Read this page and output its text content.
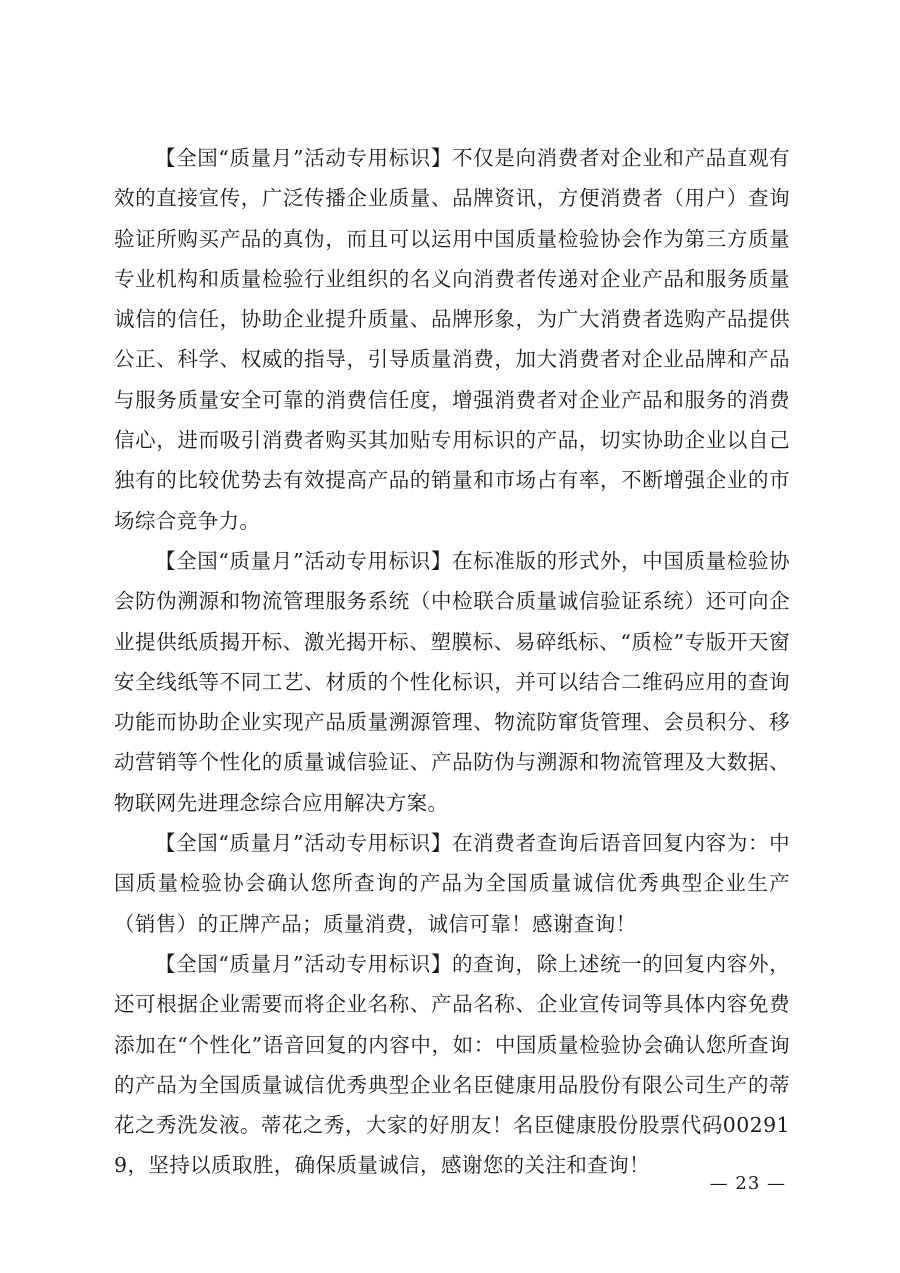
【全国“质量月”活动专用标识】不仅是向消费者对企业和产品直观有效的直接宣传，广泛传播企业质量、品牌资讯，方便消费者（用户）查询验证所购买产品的真伪，而且可以运用中国质量检验协会作为第三方质量专业机构和质量检验行业组织的名义向消费者传递对企业产品和服务质量诚信的信任，协助企业提升质量、品牌形象，为广大消费者选购产品提供公正、科学、权威的指导，引导质量消费，加大消费者对企业品牌和产品与服务质量安全可靠的消费信任度，增强消费者对企业产品和服务的消费信心，进而吸引消费者购买其加贴专用标识的产品，切实协助企业以自己独有的比较优势去有效提高产品的销量和市场占有率，不断增强企业的市场综合竞争力。

【全国“质量月”活动专用标识】在标准版的形式外，中国质量检验协会防伪溯源和物流管理服务系统（中检联合质量诚信验证系统）还可向企业提供纸质揭开标、激光揭开标、塑膜标、易碎纸标、“质检”专版开天窗安全线纸等不同工艺、材质的个性化标识，并可以结合二维码应用的查询功能而协助企业实现产品质量溯源管理、物流防窜货管理、会员积分、移动营销等个性化的质量诚信验证、产品防伪与溯源和物流管理及大数据、物联网先进理念综合应用解决方案。

【全国“质量月”活动专用标识】在消费者查询后语音回复内容为：中国质量检验协会确认您所查询的产品为全国质量诚信优秀典型企业生产（销售）的正牌产品；质量消费，诚信可靠！感谢查询！

【全国“质量月”活动专用标识】的查询，除上述统一的回复内容外，还可根据企业需要而将企业名称、产品名称、企业宣传词等具体内容免费添加在“个性化”语音回复的内容中，如：中国质量检验协会确认您所查询的产品为全国质量诚信优秀典型企业名臣健康用品股份有限公司生产的蒂花之秀洗发液。蒂花之秀，大家的好朋友！名臣健康股份股票代码002919，坚持以质取胜，确保质量诚信，感谢您的关注和查询！

— 23 —
